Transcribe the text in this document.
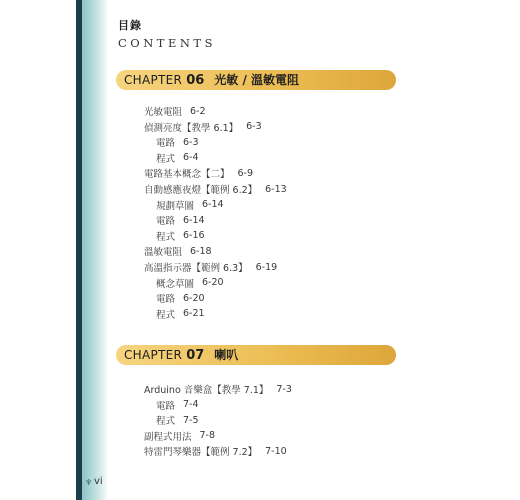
目錄
CONTENTS
CHAPTER 06 光敏 / 溫敏電阻
CHAPTER 07 喇叭
光敏電阻 6-2
偵測亮度【教學 6.1】 6-3
電路 6-3
程式 6-4
電路基本概念【二】 6-9
自動感應夜燈【範例 6.2】 6-13
規劃草圖 6-14
電路 6-14
程式 6-16
溫敏電阻 6-18
高溫指示器【範例 6.3】 6-19
概念草圖 6-20
電路 6-20
程式 6-21
Arduino 音樂盒【教學 7.1】 7-3
電路 7-4
程式 7-5
副程式用法 7-8
特雷門琴樂器【範例 7.2】 7-10
♆ vi
